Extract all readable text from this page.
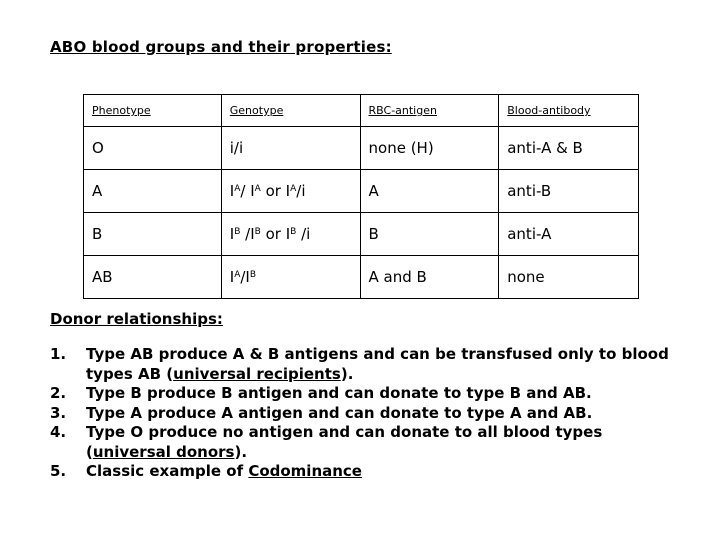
ABO blood groups and their properties:
Phenotype	Genotype	RBC-antigen	Blood-antibody
O	i/i	none (H)	anti-A & B
A	$I^A/$ $I^A$ or $I^A/i$	A	anti-B
B	$I^B$ $/I^B$ or $I^B$ /i	B	anti-A
AB	$I^A/I^B$	A and B	none
Donor relationships:
1.	Type AB produce A & B antigens and can be transfused only to blood types AB (universal recipients).
2.	Type B produce B antigen and can donate to type B and AB.
3.	Type A produce A antigen and can donate to type A and AB.
4.	Type O produce no antigen and can donate to all blood types (universal donors).
5.	Classic example of Codominance
